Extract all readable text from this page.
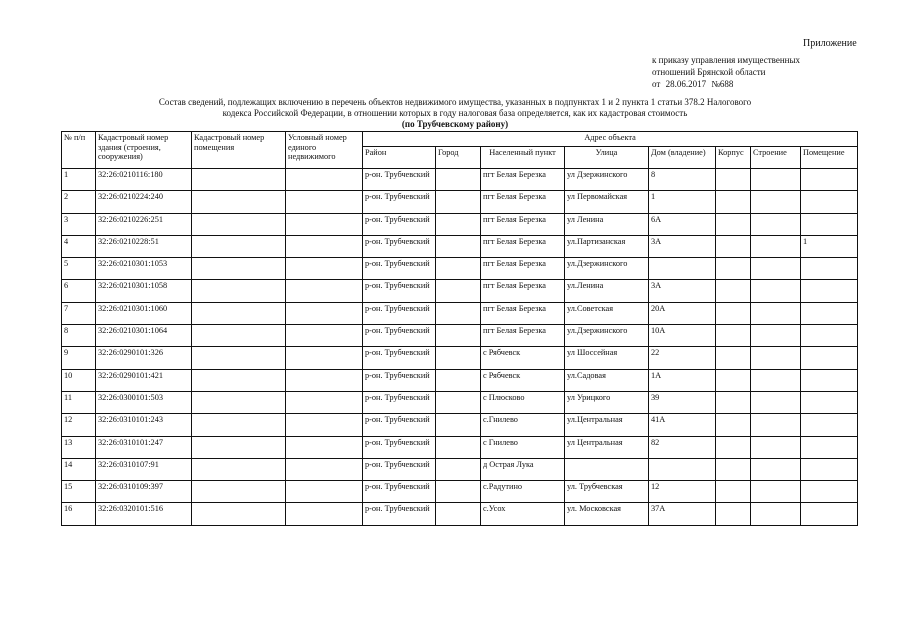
Приложение
к приказу управления имущественных
отношений Брянской области
от 28.06.2017 №688
Состав сведений, подлежащих включению в перечень объектов недвижимого имущества, указанных в подпунктах 1 и 2 пункта 1 статьи 378.2 Налогового
кодекса Российской Федерации, в отношении которых в году налоговая база определяется, как их кадастровая стоимость
(по Трубчевскому району)
№ п/п	Кадастровый номер здания (строения, сооружения)	Кадастровый номер помещения	Условный номер единого недвижимого	Адрес объекта							
				Район	Город	Населенный пункт	Улица	Дом (владение)	Корпус	Строение	Помещение
1	32:26:0210116:180			р-он. Трубчевский		пгт Белая Березка	ул Дзержинского	8			
2	32:26:0210224:240			р-он. Трубчевский		пгт Белая Березка	ул Первомайская	1			
3	32:26:0210226:251			р-он. Трубчевский		пгт Белая Березка	ул Ленина	6А			
4	32:26:0210228:51			р-он. Трубчевский		пгт Белая Березка	ул.Партизанская	3А			1
5	32:26:0210301:1053			р-он. Трубчевский		пгт Белая Березка	ул.Дзержинского				
6	32:26:0210301:1058			р-он. Трубчевский		пгт Белая Березка	ул.Ленина	3А			
7	32:26:0210301:1060			р-он. Трубчевский		пгт Белая Березка	ул.Советская	20А			
8	32:26:0210301:1064			р-он. Трубчевский		пгт Белая Березка	ул.Дзержинского	10А			
9	32:26:0290101:326			р-он. Трубчевский		с Рябчевск	ул Шоссейная	22			
10	32:26:0290101:421			р-он. Трубчевский		с Рябчевск	ул.Садовая	1А			
11	32:26:0300101:503			р-он. Трубчевский		с Плюсково	ул Урицкого	39			
12	32:26:0310101:243			р-он. Трубчевский		с.Гнилево	ул.Центральная	41А			
13	32:26:0310101:247			р-он. Трубчевский		с Гнилево	ул Центральная	82			
14	32:26:0310107:91			р-он. Трубчевский		д Острая Лука					
15	32:26:0310109:397			р-он. Трубчевский		с.Радутино	ул. Трубчевская	12			
16	32:26:0320101:516			р-он. Трубчевский		с.Усох	ул. Московская	37А			
